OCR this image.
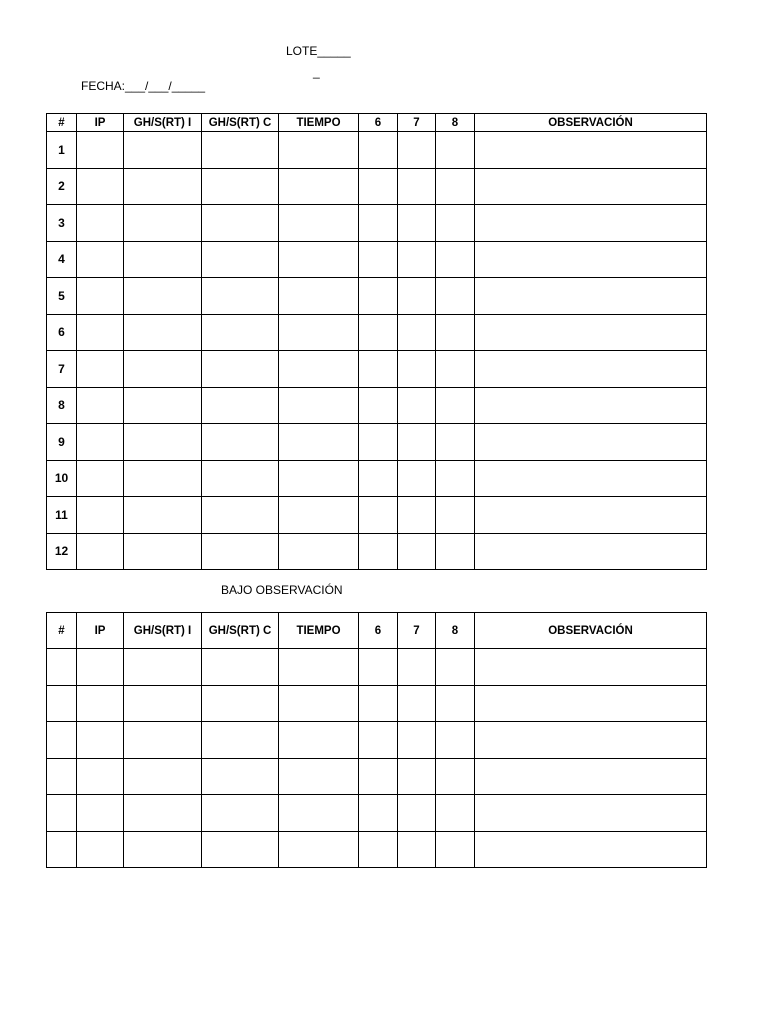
LOTE_____
_
FECHA:___/___/_____
#	IP	GH/S(RT) I	GH/S(RT) C	TIEMPO	6	7	8	OBSERVACIÓN
1								
2								
3								
4								
5								
6								
7								
8								
9								
10								
11								
12								
BAJO OBSERVACIÓN
#	IP	GH/S(RT) I	GH/S(RT) C	TIEMPO	6	7	8	OBSERVACIÓN
